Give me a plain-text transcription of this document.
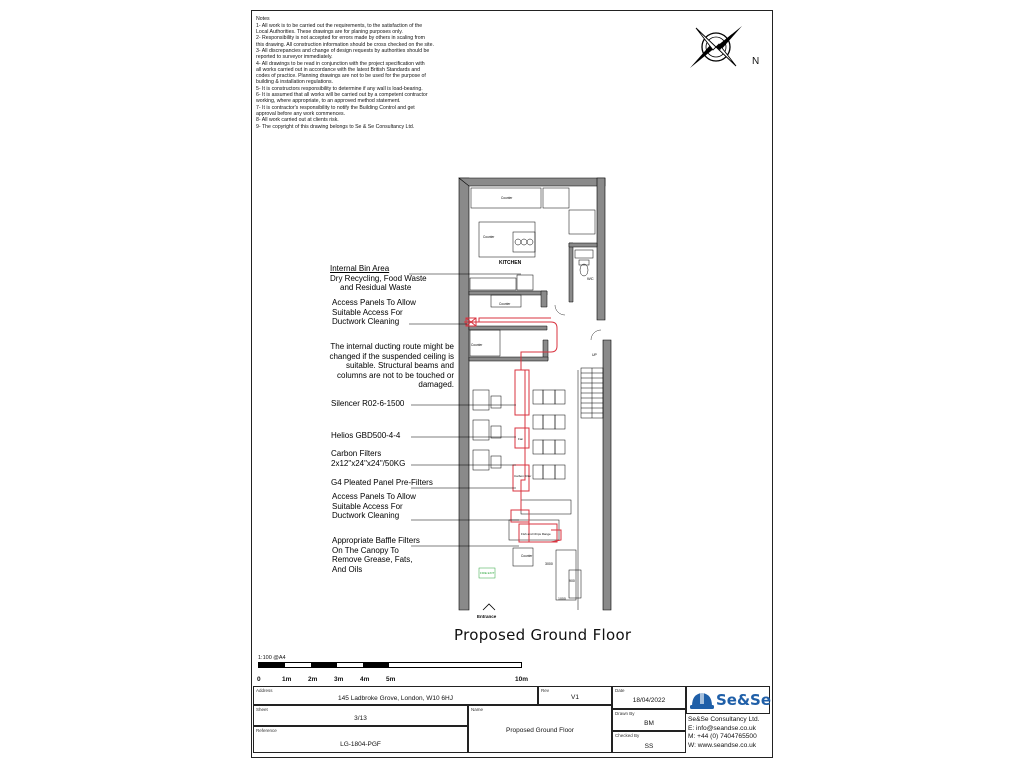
Notes
1- All work is to be carried out the requirements, to the satisfaction of the
Local Authorities. These drawings are for planing purposes only.
2- Responsibility is not accepted for errors made by others in scaling from
this drawing. All construction information should be cross checked on the site.
3- All discrepancies and change of design requests by authorities should be
reported to surveyor immediately.
4- All drawings to be read in conjunction with the project specification with
all works carried out in accordance with the latest British Standards and
codes of practice. Planning drawings are not to be used for the purpose of
building & installation regulations.
5- It is constructors responsibility to determine if any wall is load-bearing.
6- It is assumed that all works will be carried out by a competent contractor
working, where appropriate, to an approved method statement.
7- It is contractor's responsibility to notify the Building Control and get
approval before any work commences.
8- All work carried out at clients risk.
9- The copyright of this drawing belongs to Se & Se Consultancy Ltd.
N
KITCHEN
Counter
Counter
Counter
Counter
Counter
WC
UP
FIRE EXIT
Entrance
Fan
Carbon Filter
Fish and Chips Range
3000
1000
900
Internal Bin Area
Dry Recycling, Food Waste
and Residual Waste
Access Panels To Allow
Suitable Access For
Ductwork Cleaning
The internal ducting route might be
changed if the suspended ceiling is
suitable. Structural beams and
columns are not to be touched or
damaged.
Silencer R02-6-1500
Helios GBD500-4-4
Carbon Filters
2x12"x24"x24"/50KG
G4 Pleated Panel Pre-Filters
Access Panels To Allow
Suitable Access For
Ductwork Cleaning
Appropriate Baffle Filters
On The Canopy To
Remove Grease, Fats,
And Oils
Proposed Ground Floor
1:100 @A4
0	1m	2m	3m	4m	5m	10m
Address
145 Ladbroke Grove, London, W10 6HJ
Rev
V1
Date
18/04/2022
Sheet
3/13
Name
Proposed Ground Floor
Drawn By
BM
Reference
LG-1804-PGF
Checked By
SS
Se&Se
Se&Se Consultancy Ltd.
E: info@seandse.co.uk
M: +44 (0) 7404765500
W: www.seandse.co.uk
